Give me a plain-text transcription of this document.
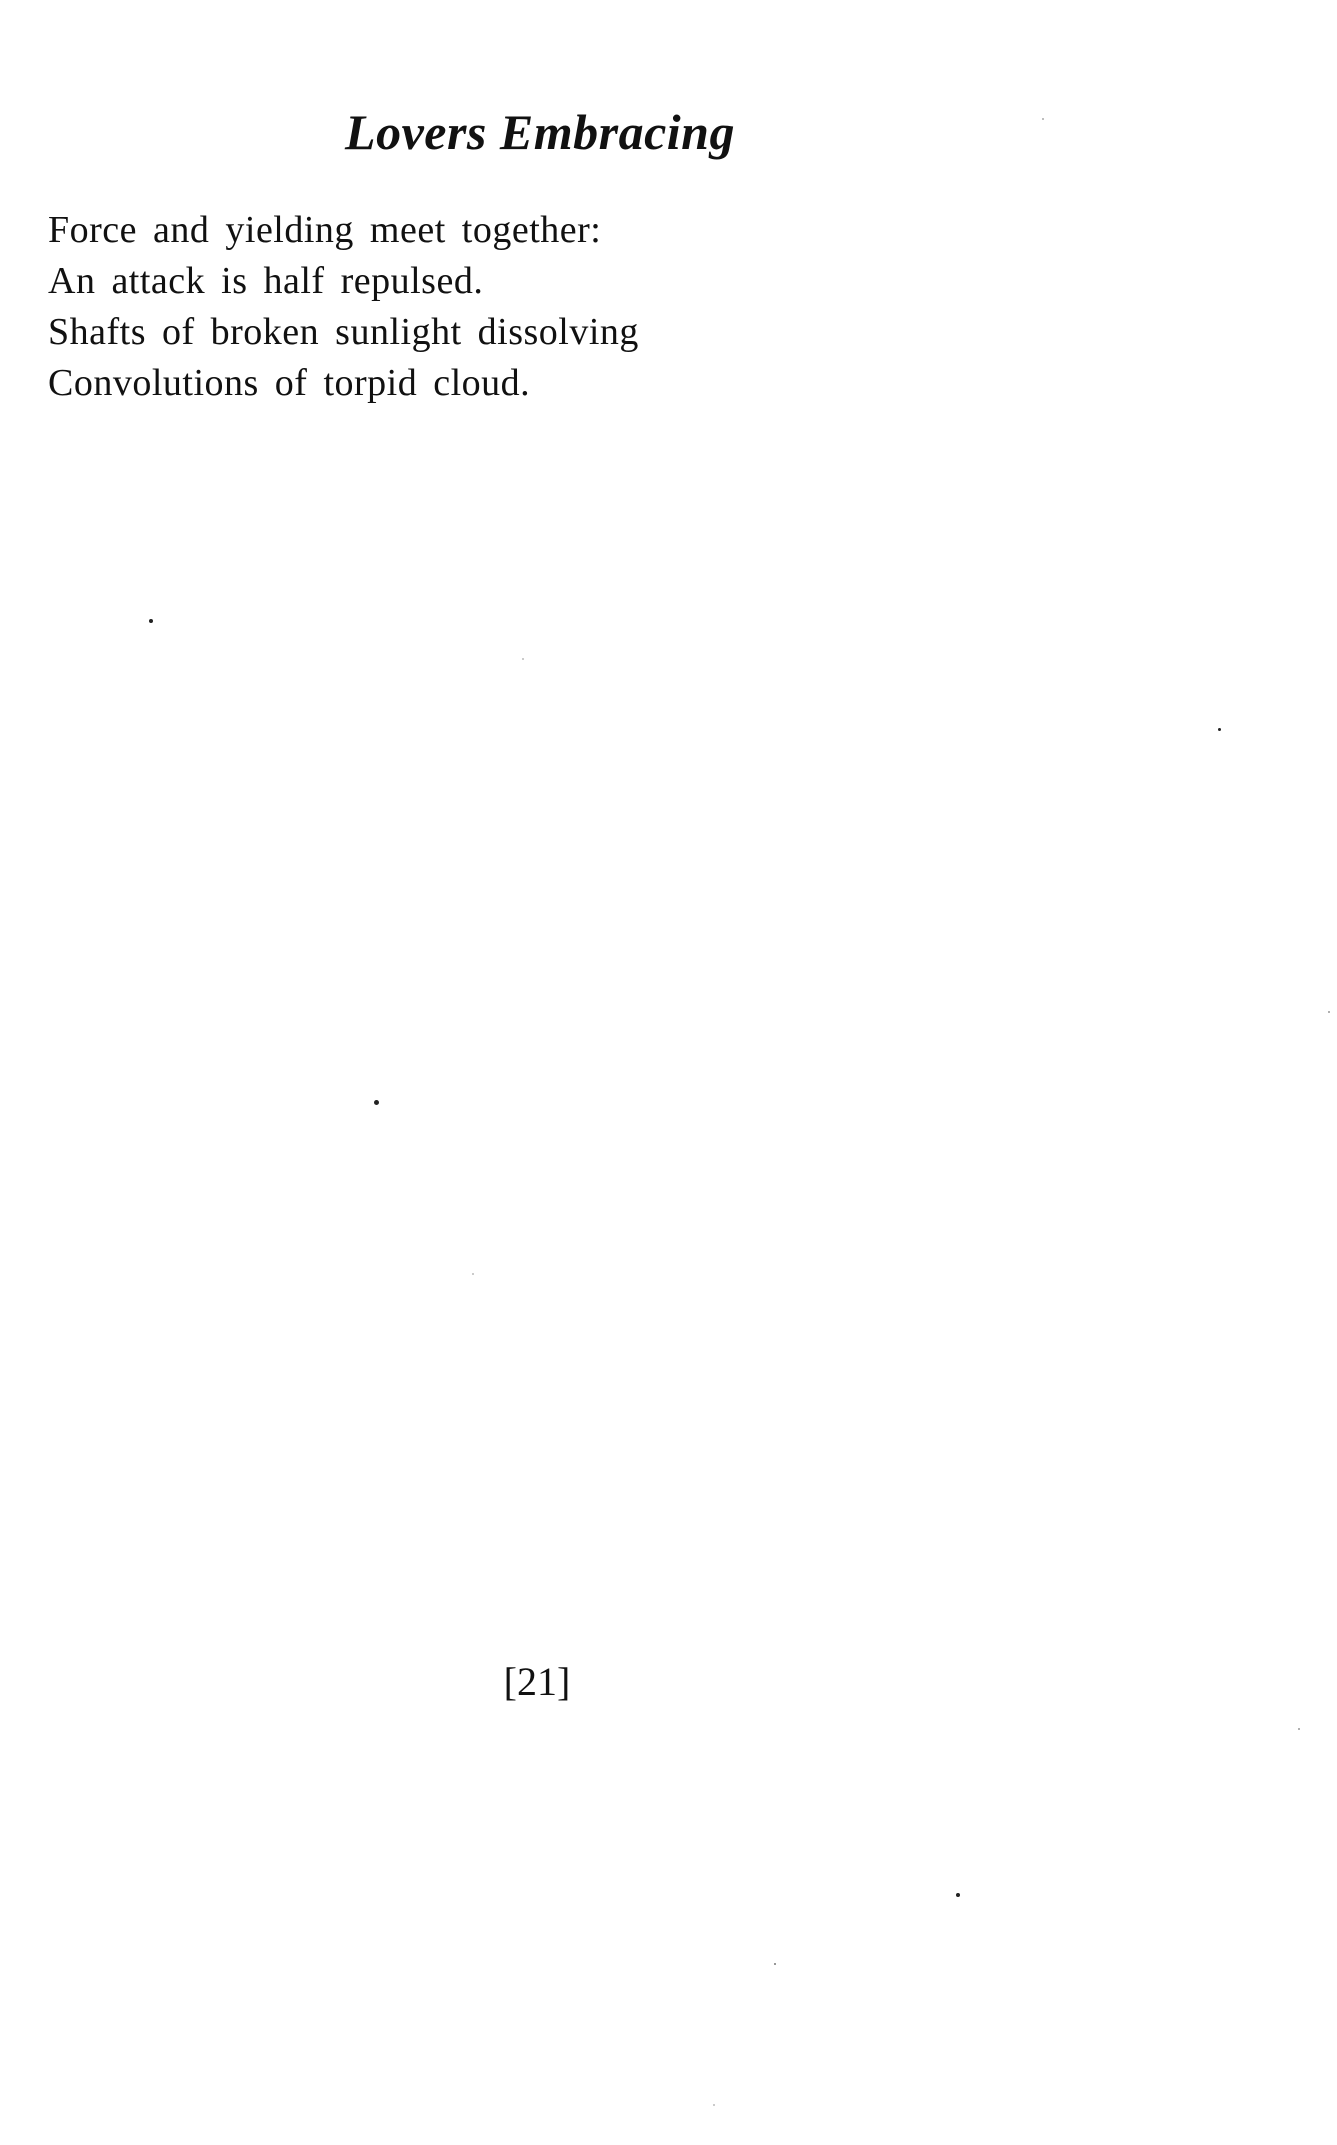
Lovers Embracing
Force and yielding meet together:
An attack is half repulsed.
Shafts of broken sunlight dissolving
Convolutions of torpid cloud.
[21]
